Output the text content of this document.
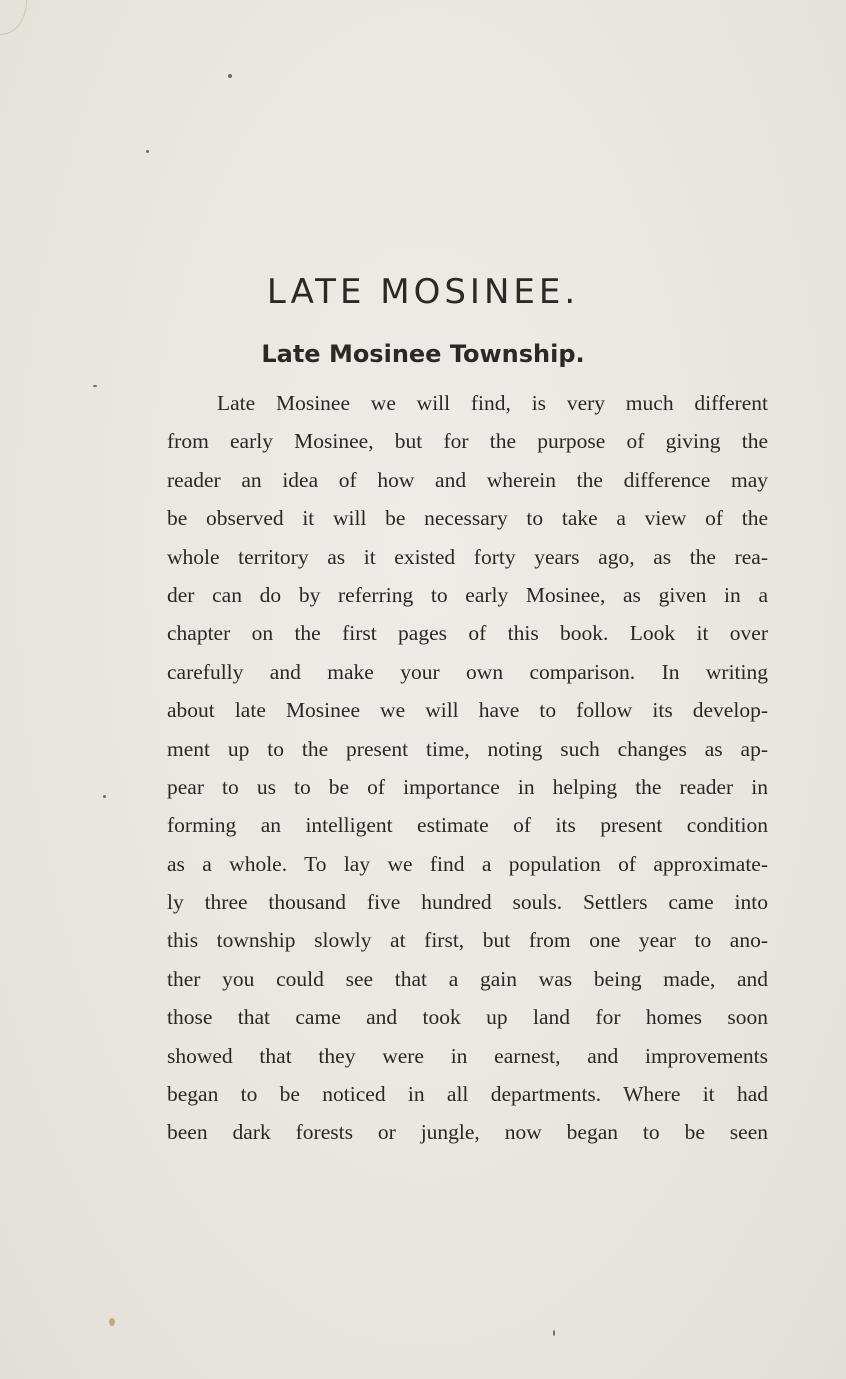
LATE MOSINEE.
Late Mosinee Township.
Late Mosinee we will find, is very much different
from early Mosinee, but for the purpose of giving the
reader an idea of how and wherein the difference may
be observed it will be necessary to take a view of the
whole territory as it existed forty years ago, as the rea-
der can do by referring to early Mosinee, as given in a
chapter on the first pages of this book. Look it over
carefully and make your own comparison. In writing
about late Mosinee we will have to follow its develop-
ment up to the present time, noting such changes as ap-
pear to us to be of importance in helping the reader in
forming an intelligent estimate of its present condition
as a whole. To lay we find a population of approximate-
ly three thousand five hundred souls. Settlers came into
this township slowly at first, but from one year to ano-
ther you could see that a gain was being made, and
those that came and took up land for homes soon
showed that they were in earnest, and improvements
began to be noticed in all departments. Where it had
been dark forests or jungle, now began to be seen
